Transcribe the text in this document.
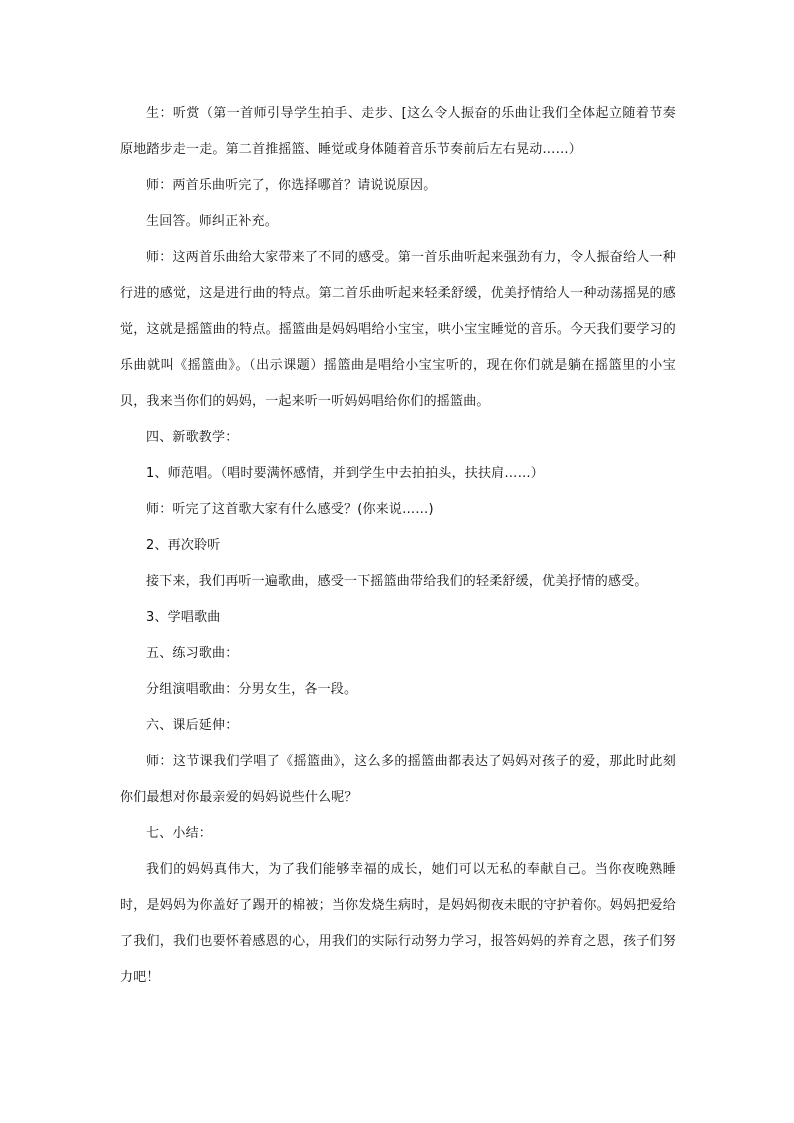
生：听赏（第一首师引导学生拍手、走步、[这么令人振奋的乐曲让我们全体起立随着节奏原地踏步走一走。第二首推摇篮、睡觉或身体随着音乐节奏前后左右晃动……）

师：两首乐曲听完了，你选择哪首？请说说原因。

生回答。师纠正补充。

师：这两首乐曲给大家带来了不同的感受。第一首乐曲听起来强劲有力，令人振奋给人一种行进的感觉，这是进行曲的特点。第二首乐曲听起来轻柔舒缓，优美抒情给人一种动荡摇晃的感觉，这就是摇篮曲的特点。摇篮曲是妈妈唱给小宝宝，哄小宝宝睡觉的音乐。今天我们要学习的乐曲就叫《摇篮曲》。（出示课题）摇篮曲是唱给小宝宝听的，现在你们就是躺在摇篮里的小宝贝，我来当你们的妈妈，一起来听一听妈妈唱给你们的摇篮曲。

四、新歌教学：

1、师范唱。（唱时要满怀感情，并到学生中去拍拍头，扶扶肩……）

师：听完了这首歌大家有什么感受？(你来说……)

2、再次聆听

接下来，我们再听一遍歌曲，感受一下摇篮曲带给我们的轻柔舒缓，优美抒情的感受。

3、学唱歌曲

五、练习歌曲：

分组演唱歌曲：分男女生，各一段。

六、课后延伸：

师：这节课我们学唱了《摇篮曲》，这么多的摇篮曲都表达了妈妈对孩子的爱，那此时此刻你们最想对你最亲爱的妈妈说些什么呢？

七、小结：

我们的妈妈真伟大，为了我们能够幸福的成长，她们可以无私的奉献自己。当你夜晚熟睡时，是妈妈为你盖好了踢开的棉被；当你发烧生病时，是妈妈彻夜未眠的守护着你。妈妈把爱给了我们，我们也要怀着感恩的心，用我们的实际行动努力学习，报答妈妈的养育之恩，孩子们努力吧！
